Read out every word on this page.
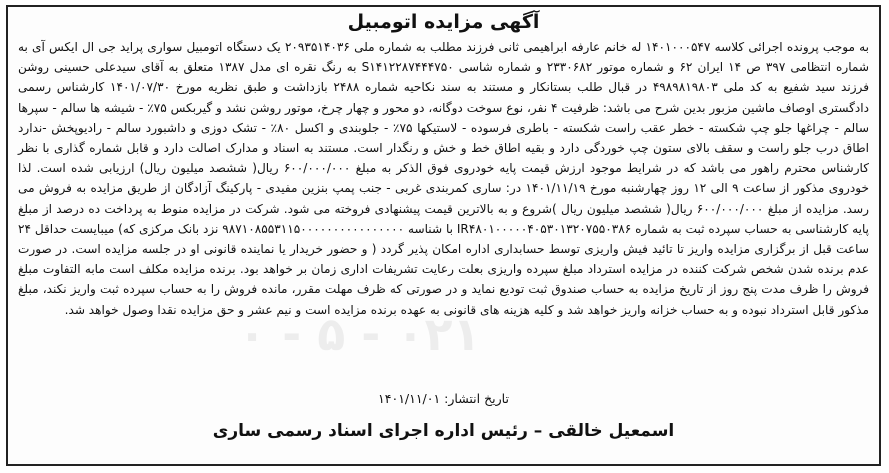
۰۲۱ - ۵ - ۰
آگهی مزایده اتومبیل

به موجب پرونده اجرائی کلاسه ۱۴۰۱۰۰۰۵۴۷ له خانم عارفه ابراهیمی ثانی فرزند مطلب به شماره ملی ۲۰۹۳۵۱۴۰۳۶ یک دستگاه اتومبیل سواری پراید جی ال ایکس آی به شماره انتظامی ۳۹۷ ص ۱۴ ایران ۶۲ و شماره موتور ۲۳۳۰۶۸۲ و شماره شاسی S۱۴۱۲۲۸۷۴۴۴۷۵۰ به رنگ نقره ای مدل ۱۳۸۷ متعلق به آقای سیدعلی حسینی روشن فرزند سید شفیع به کد ملی ۴۹۸۹۸۱۹۸۰۳ در قبال طلب بستانکار و مستند به سند نکاحیه شماره ۲۴۸۸ بازداشت و طبق نظریه مورخ ۱۴۰۱/۰۷/۳۰ کارشناس رسمی دادگستری اوصاف ماشین مزبور بدین شرح می باشد: ظرفیت ۴ نفر، نوع سوخت دوگانه، دو محور و چهار چرخ، موتور روشن نشد و گیربکس ۷۵٪ - شیشه ها سالم - سپرها سالم - چراغها جلو چپ شکسته - خطر عقب راست شکسته - باطری فرسوده - لاستیکها ۷۵٪ - جلوبندی و اکسل ۸۰٪ - تشک دوزی و داشبورد سالم - رادیوپخش -ندارد اطاق درب جلو راست و سقف بالای ستون چپ خوردگی دارد و بقیه اطاق خط و خش و رنگدار است. مستند به اسناد و مدارک اصالت دارد و قابل شماره گذاری با نظر کارشناس محترم راهور می باشد که در شرایط موجود ارزش قیمت پایه خودروی فوق الذکر به مبلغ ۶۰۰/۰۰۰/۰۰۰ ریال( ششصد میلیون ریال) ارزیابی شده است. لذا خودروی مذکور از ساعت ۹ الی ۱۲ روز چهارشنبه مورخ ۱۴۰۱/۱۱/۱۹ در: ساری کمربندی غربی - جنب پمپ بنزین مفیدی - پارکینگ آزادگان از طریق مزایده به فروش می رسد. مزایده از مبلغ ۶۰۰/۰۰۰/۰۰۰ ریال( ششصد میلیون ریال )شروع و به بالاترین قیمت پیشنهادی فروخته می شود. شرکت در مزایده منوط به پرداخت ده درصد از مبلغ پایه کارشناسی به حساب سپرده ثبت به شماره IR۴۸۰۱۰۰۰۰۰۴۰۵۳۰۱۳۲۰۷۵۵۰۳۸۶ با شناسه ۹۸۷۱۰۸۵۵۳۱۱۵۰۰۰۰۰۰۰۰۰۰۰۰۰۰۰۰ نزد بانک مرکزی که) میبایست حداقل ۲۴ ساعت قبل از برگزاری مزایده واریز تا تائید فیش واریزی توسط حسابداری اداره امکان پذیر گردد ( و حضور خریدار یا نماینده قانونی او در جلسه مزایده است. در صورت عدم برنده شدن شخص شرکت کننده در مزایده استرداد مبلغ سپرده واریزی بعلت رعایت تشریفات اداری زمان بر خواهد بود. برنده مزایده مکلف است مابه التفاوت مبلغ فروش را ظرف مدت پنج روز از تاریخ مزایده به حساب صندوق ثبت تودیع نماید و در صورتی که ظرف مهلت مقرر، مانده فروش را به حساب سپرده ثبت واریز نکند، مبلغ مذکور قابل استرداد نبوده و به حساب خزانه واریز خواهد شد و کلیه هزینه های قانونی به عهده برنده مزایده است و نیم عشر و حق مزایده نقدا وصول خواهد شد.

تاریخ انتشار: ۱۴۰۱/۱۱/۰۱
اسمعیل خالقی – رئیس اداره اجرای اسناد رسمی ساری
